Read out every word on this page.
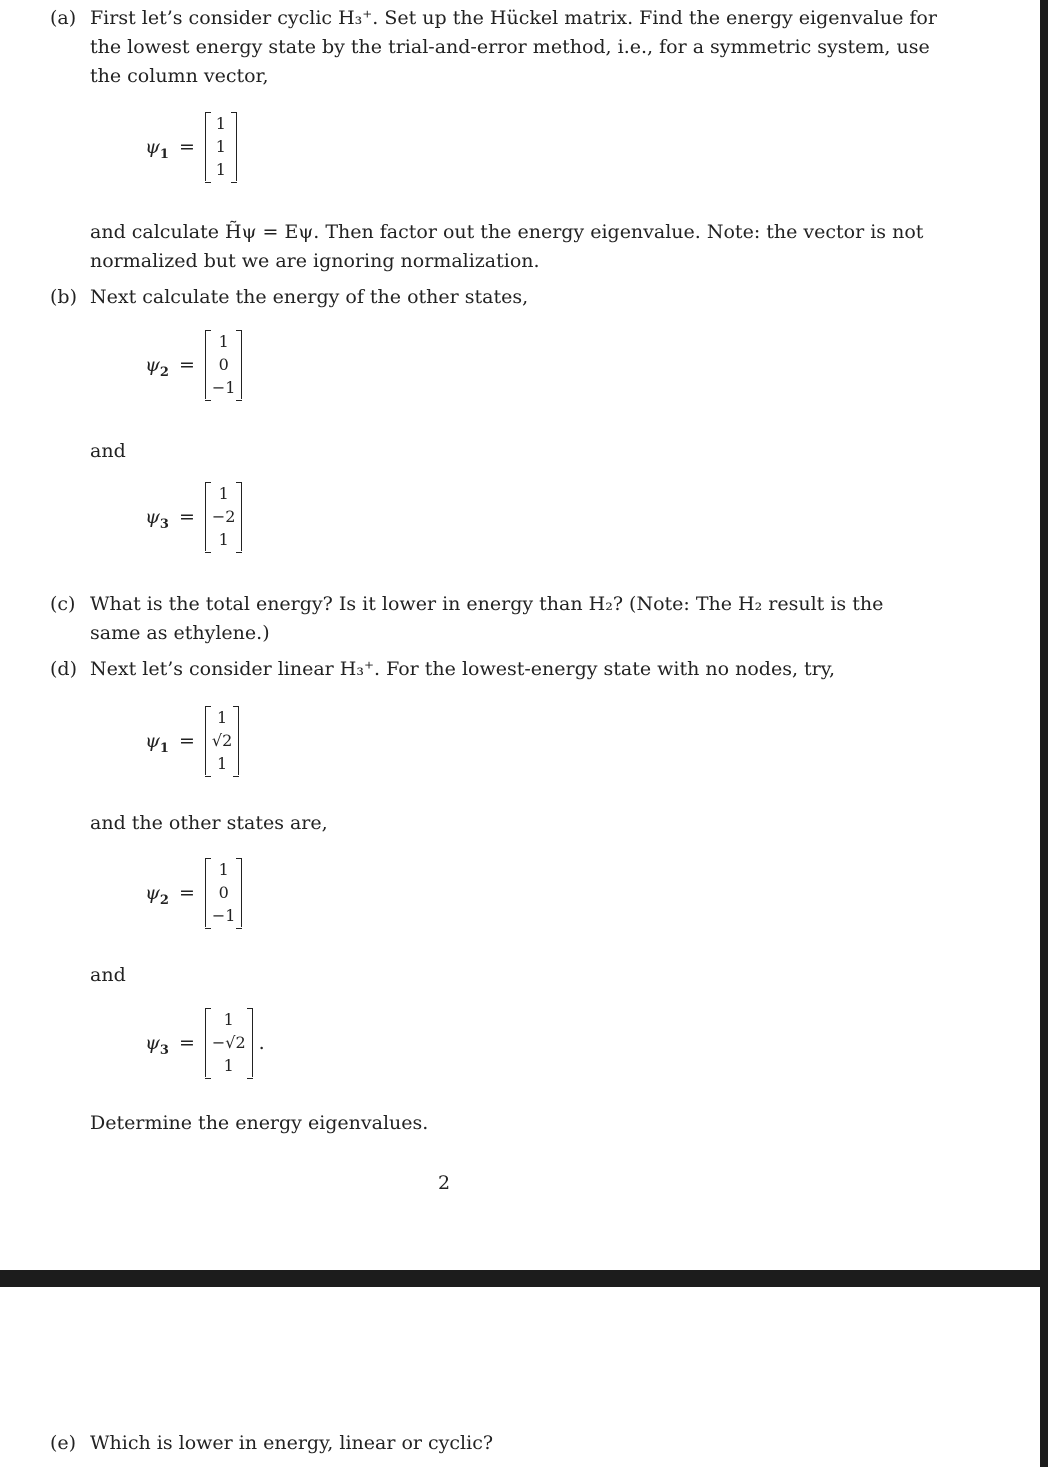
(a) First let’s consider cyclic H₃⁺. Set up the Hückel matrix. Find the energy eigenvalue for
the lowest energy state by the trial-and-error method, i.e., for a symmetric system, use
the column vector,
$\psi_1$ =
1
1
1
and calculate H̃ψ = Eψ. Then factor out the energy eigenvalue. Note: the vector is not
normalized but we are ignoring normalization.
(b) Next calculate the energy of the other states,
$\psi_2$ =
1
0
−1
and
$\psi_3$ =
1
−2
1
(c) What is the total energy? Is it lower in energy than H₂? (Note: The H₂ result is the
same as ethylene.)
(d) Next let’s consider linear H₃⁺. For the lowest-energy state with no nodes, try,
$\psi_1$ =
1
√2
1
and the other states are,
$\psi_2$ =
1
0
−1
and
$\psi_3$ =
1
−√2
1
.
Determine the energy eigenvalues.
2
(e) Which is lower in energy, linear or cyclic?
